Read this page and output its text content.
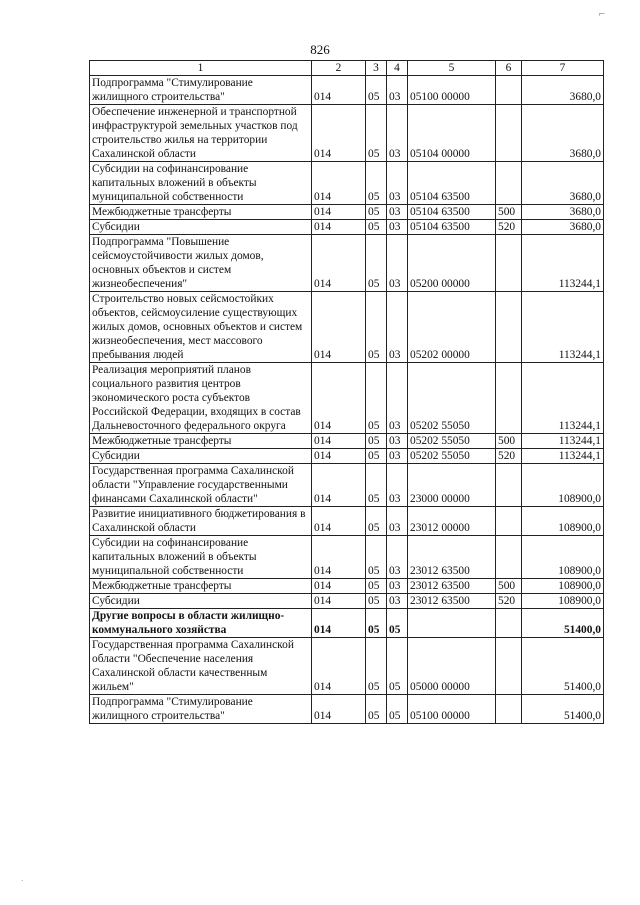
826
1	2	3	4	5	6	7
Подпрограмма "Стимулирование жилищного строительства"	014	05	03	05100 00000		3680,0
Обеспечение инженерной и транспортной инфраструктурой земельных участков под строительство жилья на территории Сахалинской области	014	05	03	05104 00000		3680,0
Субсидии на софинансирование капитальных вложений в объекты муниципальной собственности	014	05	03	05104 63500		3680,0
Межбюджетные трансферты	014	05	03	05104 63500	500	3680,0
Субсидии	014	05	03	05104 63500	520	3680,0
Подпрограмма "Повышение сейсмоустойчивости жилых домов, основных объектов и систем жизнеобеспечения"	014	05	03	05200 00000		113244,1
Строительство новых сейсмостойких объектов, сейсмоусиление существующих жилых домов, основных объектов и систем жизнеобеспечения, мест массового пребывания людей	014	05	03	05202 00000		113244,1
Реализация мероприятий планов социального развития центров экономического роста субъектов Российской Федерации, входящих в состав Дальневосточного федерального округа	014	05	03	05202 55050		113244,1
Межбюджетные трансферты	014	05	03	05202 55050	500	113244,1
Субсидии	014	05	03	05202 55050	520	113244,1
Государственная программа Сахалинской области "Управление государственными финансами Сахалинской области"	014	05	03	23000 00000		108900,0
Развитие инициативного бюджетирования в Сахалинской области	014	05	03	23012 00000		108900,0
Субсидии на софинансирование капитальных вложений в объекты муниципальной собственности	014	05	03	23012 63500		108900,0
Межбюджетные трансферты	014	05	03	23012 63500	500	108900,0
Субсидии	014	05	03	23012 63500	520	108900,0
Другие вопросы в области жилищно-коммунального хозяйства	014	05	05			51400,0
Государственная программа Сахалинской области "Обеспечение населения Сахалинской области качественным жильем"	014	05	05	05000 00000		51400,0
Подпрограмма "Стимулирование жилищного строительства"	014	05	05	05100 00000		51400,0
⌐
˙
